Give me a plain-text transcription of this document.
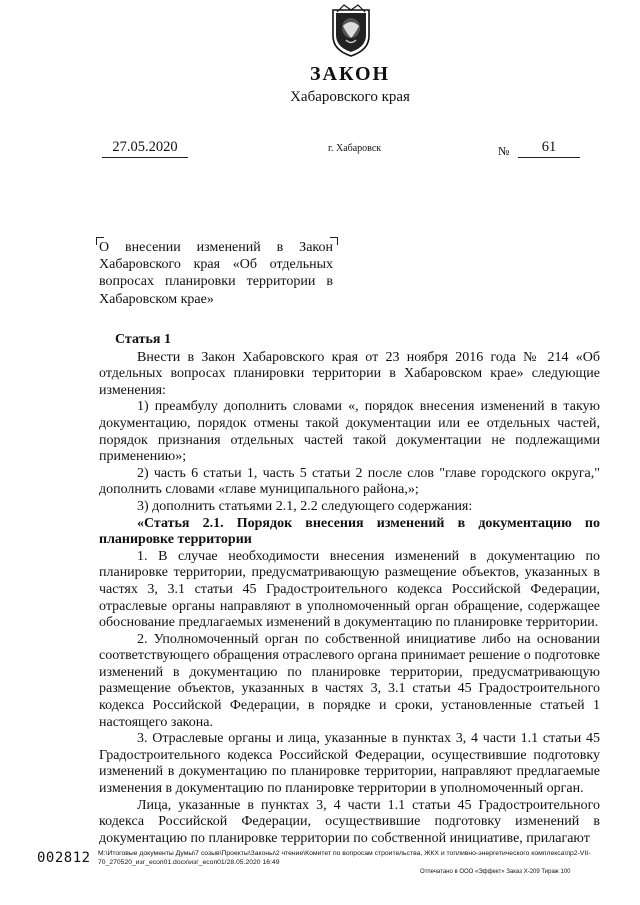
ЗАКОН
Хабаровского края
27.05.2020	г. Хабаровск	№	61
О внесении изменений в Закон Хабаровского края «Об отдельных вопросах планировки территории в Хабаровском крае»

Статья 1

Внести в Закон Хабаровского края от 23 ноября 2016 года № 214 «Об отдельных вопросах планировки территории в Хабаровском крае» следующие изменения:

1) преамбулу дополнить словами «, порядок внесения изменений в такую документацию, порядок отмены такой документации или ее отдельных частей, порядок признания отдельных частей такой документации не подлежащими применению»;

2) часть 6 статьи 1, часть 5 статьи 2 после слов "главе городского округа," дополнить словами «главе муниципального района,»;

3) дополнить статьями 2.1, 2.2 следующего содержания:

«Статья 2.1. Порядок внесения изменений в документацию по планировке территории

1. В случае необходимости внесения изменений в документацию по планировке территории, предусматривающую размещение объектов, указанных в частях 3, 3.1 статьи 45 Градостроительного кодекса Российской Федерации, отраслевые органы направляют в уполномоченный орган обращение, содержащее обоснование предлагаемых изменений в документацию по планировке территории.

2. Уполномоченный орган по собственной инициативе либо на основании соответствующего обращения отраслевого органа принимает решение о подготовке изменений в документацию по планировке территории, предусматривающую размещение объектов, указанных в частях 3, 3.1 статьи 45 Градостроительного кодекса Российской Федерации, в порядке и сроки, установленные статьей 1 настоящего закона.

3. Отраслевые органы и лица, указанные в пунктах 3, 4 части 1.1 статьи 45 Градостроительного кодекса Российской Федерации, осуществившие подготовку изменений в документацию по планировке территории, направляют предлагаемые изменения в документацию по планировке территории в уполномоченный орган.

Лица, указанные в пунктах 3, 4 части 1.1 статьи 45 Градостроительного кодекса Российской Федерации, осуществившие подготовку изменений в документацию по планировке территории по собственной инициативе, прилагают

002812 M:\Итоговые документы Думы\7 созыв\Проекты\Законы\2 чтение\Комитет по вопросам строительства, ЖКХ и топливно-энергетического комплекса\пр2-VII-70_270520_изг_ecoп01.docx\изг_ecoп01/28.05.2020 16:49
Отпечатано в ООО «Эффект» Заказ Х-209 Тираж 100
